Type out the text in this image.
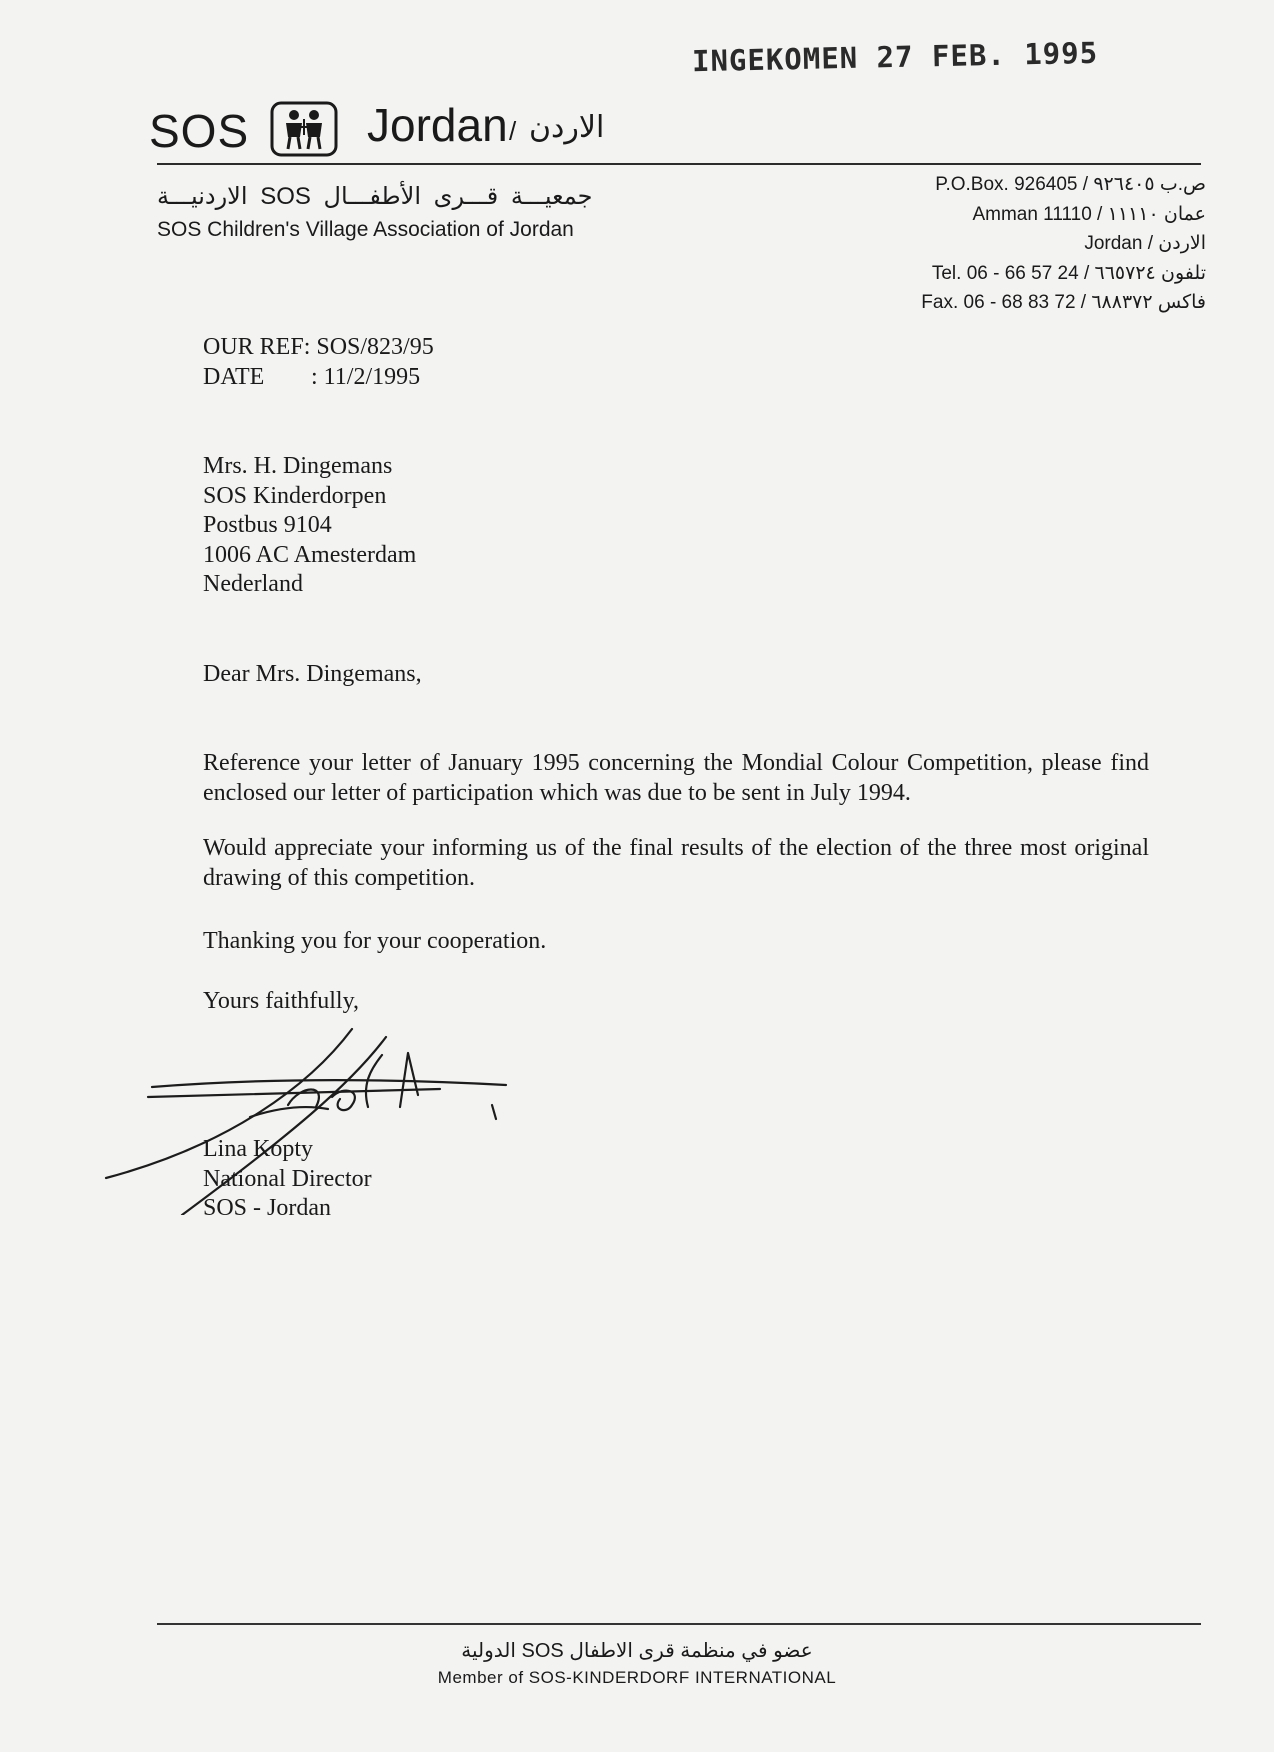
INGEKOMEN 27 FEB. 1995
SOS	Jordan / الاردن
جمعيـــة قـــرى الأطفـــال SOS الاردنيـــة
SOS Children's Village Association of Jordan
P.O.Box. 926405 / ص.ب ٩٢٦٤٠٥
Amman 11110 / عمان ١١١١٠
Jordan / الاردن
Tel. 06 - 66 57 24 / تلفون ٦٦٥٧٢٤
Fax. 06 - 68 83 72 / فاكس ٦٨٨٣٧٢
OUR REF:
SOS/823/95
DATE	: 11/2/1995
Mrs. H. Dingemans
SOS Kinderdorpen
Postbus 9104
1006 AC Amesterdam
Nederland
Dear Mrs. Dingemans,
Reference your letter of January 1995 concerning the Mondial Colour Competition, please find enclosed our letter of participation which was due to be sent in July 1994.
Would appreciate your informing us of the final results of the election of the three most original drawing of this competition.
Thanking you for your cooperation.
Yours faithfully,
Lina Kopty
National Director
SOS - Jordan
عضو في منظمة قرى الاطفال SOS الدولية
Member of SOS-KINDERDORF INTERNATIONAL
